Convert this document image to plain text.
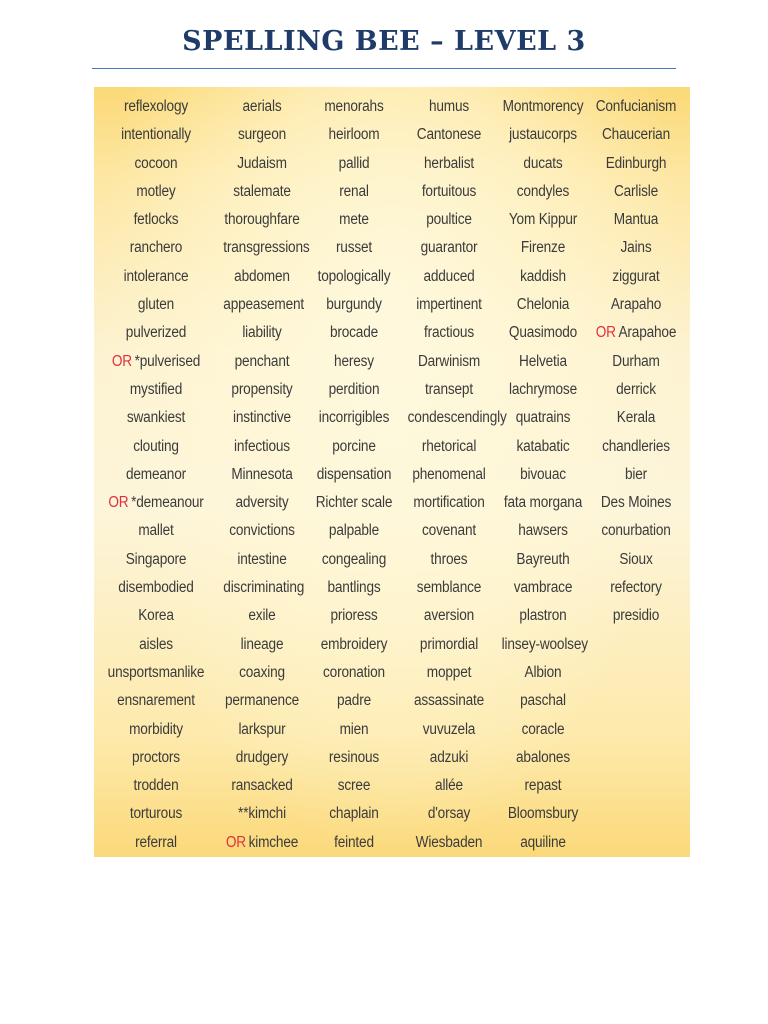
SPELLING BEE – LEVEL 3
reflexology
intentionally
cocoon
motley
fetlocks
ranchero
intolerance
gluten
pulverized
OR *pulverised
mystified
swankiest
clouting
demeanor
OR *demeanour
mallet
Singapore
disembodied
Korea
aisles
unsportsmanlike
ensnarement
morbidity
proctors
trodden
torturous
referral
aerials
surgeon
Judaism
stalemate
thoroughfare
transgressions
abdomen
appeasement
liability
penchant
propensity
instinctive
infectious
Minnesota
adversity
convictions
intestine
discriminating
exile
lineage
coaxing
permanence
larkspur
drudgery
ransacked
**kimchi
OR kimchee
menorahs
heirloom
pallid
renal
mete
russet
topologically
burgundy
brocade
heresy
perdition
incorrigibles
porcine
dispensation
Richter scale
palpable
congealing
bantlings
prioress
embroidery
coronation
padre
mien
resinous
scree
chaplain
feinted
humus
Cantonese
herbalist
fortuitous
poultice
guarantor
adduced
impertinent
fractious
Darwinism
transept
condescendingly
rhetorical
phenomenal
mortification
covenant
throes
semblance
aversion
primordial
moppet
assassinate
vuvuzela
adzuki
allée
d'orsay
Wiesbaden
Montmorency
justaucorps
ducats
condyles
Yom Kippur
Firenze
kaddish
Chelonia
Quasimodo
Helvetia
lachrymose
quatrains
katabatic
bivouac
fata morgana
hawsers
Bayreuth
vambrace
plastron
linsey-woolsey
Albion
paschal
coracle
abalones
repast
Bloomsbury
aquiline
Confucianism
Chaucerian
Edinburgh
Carlisle
Mantua
Jains
ziggurat
Arapaho
OR Arapahoe
Durham
derrick
Kerala
chandleries
bier
Des Moines
conurbation
Sioux
refectory
presidio
